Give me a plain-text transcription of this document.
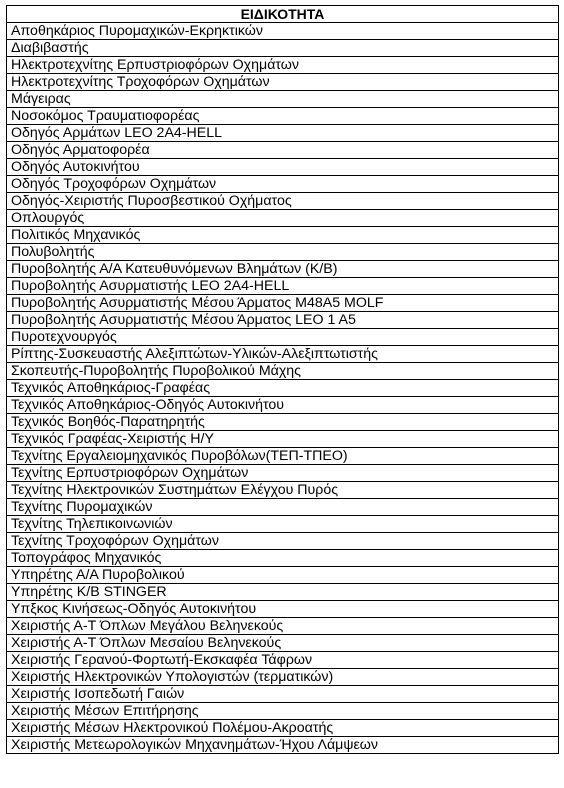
ΕΙΔΙΚΟΤΗΤΑ
Αποθηκάριος Πυρομαχικών-Εκρηκτικών
Διαβιβαστής
Ηλεκτροτεχνίτης Ερπυστριοφόρων Οχημάτων
Ηλεκτροτεχνίτης Τροχοφόρων Οχημάτων
Μάγειρας
Νοσοκόμος Τραυματιοφορέας
Οδηγός Αρμάτων LEO 2A4-HELL
Οδηγός Αρματοφορέα
Οδηγός Αυτοκινήτου
Οδηγός Τροχοφόρων Οχημάτων
Οδηγός-Χειριστής Πυροσβεστικού Οχήματος
Οπλουργός
Πολιτικός Μηχανικός
Πολυβολητής
Πυροβολητής Α/Α Κατευθυνόμενων Βλημάτων (Κ/Β)
Πυροβολητής Ασυρματιστής LEO 2A4-HELL
Πυροβολητής Ασυρματιστής Μέσου Άρματος M48A5 MOLF
Πυροβολητής Ασυρματιστής Μέσου Άρματος LEO 1 A5
Πυροτεχνουργός
Ρίπτης-Συσκευαστής Αλεξιπτώτων-Υλικών-Αλεξιπτωτιστής
Σκοπευτής-Πυροβολητής Πυροβολικού Μάχης
Τεχνικός Αποθηκάριος-Γραφέας
Τεχνικός Αποθηκάριος-Οδηγός Αυτοκινήτου
Τεχνικός Βοηθός-Παρατηρητής
Τεχνικός Γραφέας-Χειριστής Η/Υ
Τεχνίτης Εργαλειομηχανικός Πυροβόλων(ΤΕΠ-ΤΠΕΟ)
Τεχνίτης Ερπυστριοφόρων Οχημάτων
Τεχνίτης Ηλεκτρονικών Συστημάτων Ελέγχου Πυρός
Τεχνίτης Πυρομαχικών
Τεχνίτης Τηλεπικοινωνιών
Τεχνίτης Τροχοφόρων Οχημάτων
Τοπογράφος Μηχανικός
Υπηρέτης Α/Α Πυροβολικού
Υπηρέτης Κ/Β STINGER
Υπξκος Κινήσεως-Οδηγός Αυτοκινήτου
Χειριστής Α-Τ Όπλων Μεγάλου Βεληνεκούς
Χειριστής Α-Τ Όπλων Μεσαίου Βεληνεκούς
Χειριστής Γερανού-Φορτωτή-Εκσκαφέα Τάφρων
Χειριστής Ηλεκτρονικών Υπολογιστών (τερματικών)
Χειριστής Ισοπεδωτή Γαιών
Χειριστής Μέσων Επιτήρησης
Χειριστής Μέσων Ηλεκτρονικού Πολέμου-Ακροατής
Χειριστής Μετεωρολογικών Μηχανημάτων-Ήχου Λάμψεων
